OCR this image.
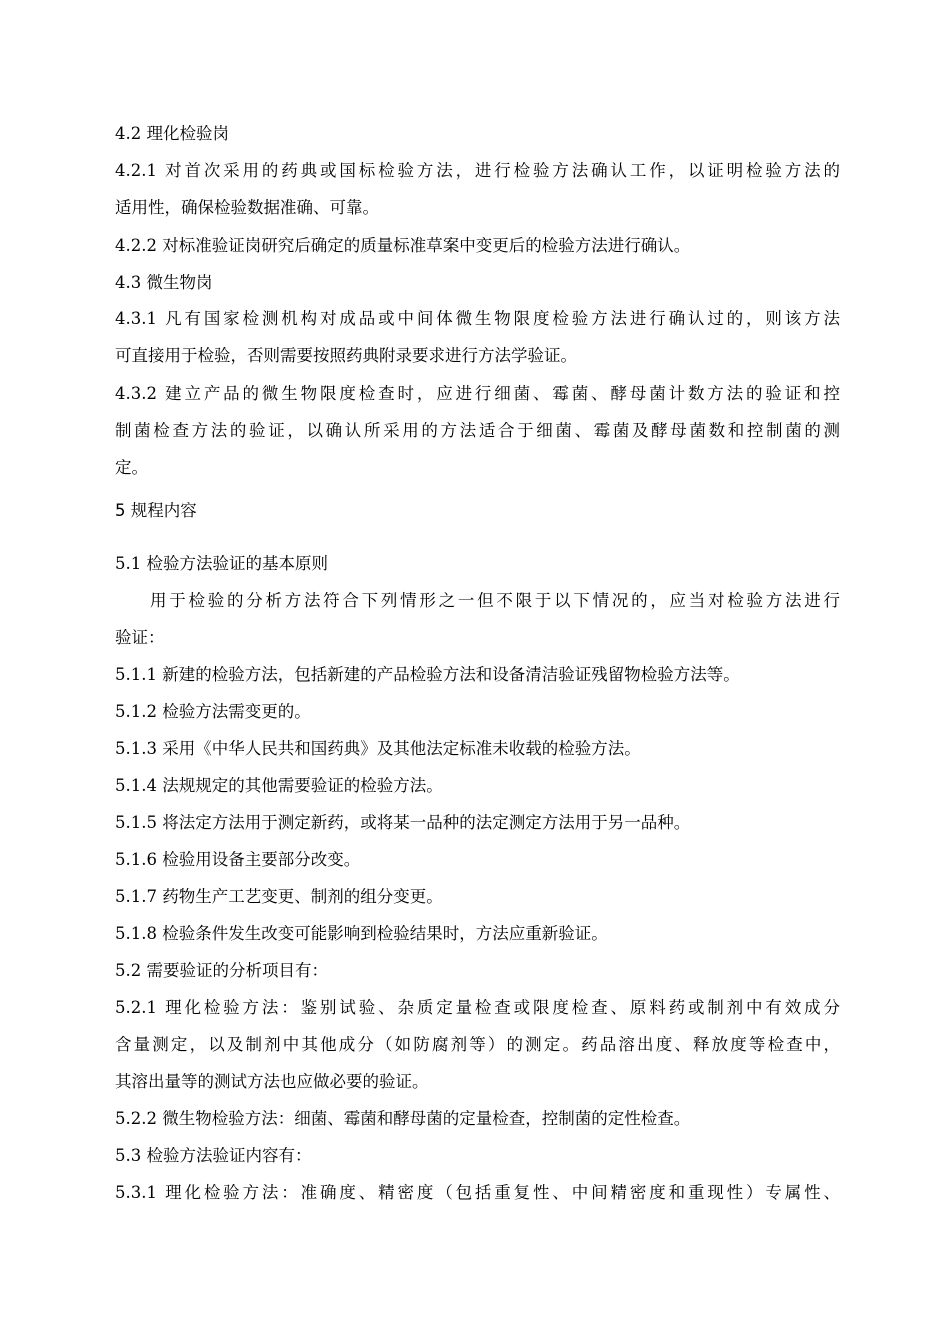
4.2 理化检验岗
4.2.1 对首次采用的药典或国标检验方法，进行检验方法确认工作，以证明检验方法的
适用性，确保检验数据准确、可靠。
4.2.2 对标准验证岗研究后确定的质量标准草案中变更后的检验方法进行确认。
4.3 微生物岗
4.3.1 凡有国家检测机构对成品或中间体微生物限度检验方法进行确认过的，则该方法
可直接用于检验，否则需要按照药典附录要求进行方法学验证。
4.3.2 建立产品的微生物限度检查时，应进行细菌、霉菌、酵母菌计数方法的验证和控
制菌检查方法的验证，以确认所采用的方法适合于细菌、霉菌及酵母菌数和控制菌的测
定。
5 规程内容
5.1 检验方法验证的基本原则
用于检验的分析方法符合下列情形之一但不限于以下情况的，应当对检验方法进行
验证：
5.1.1 新建的检验方法，包括新建的产品检验方法和设备清洁验证残留物检验方法等。
5.1.2 检验方法需变更的。
5.1.3 采用《中华人民共和国药典》及其他法定标准未收载的检验方法。
5.1.4 法规规定的其他需要验证的检验方法。
5.1.5 将法定方法用于测定新药，或将某一品种的法定测定方法用于另一品种。
5.1.6 检验用设备主要部分改变。
5.1.7 药物生产工艺变更、制剂的组分变更。
5.1.8 检验条件发生改变可能影响到检验结果时，方法应重新验证。
5.2 需要验证的分析项目有：
5.2.1 理化检验方法：鉴别试验、杂质定量检查或限度检查、原料药或制剂中有效成分
含量测定，以及制剂中其他成分（如防腐剂等）的测定。药品溶出度、释放度等检查中，
其溶出量等的测试方法也应做必要的验证。
5.2.2 微生物检验方法：细菌、霉菌和酵母菌的定量检查，控制菌的定性检查。
5.3 检验方法验证内容有：
5.3.1 理化检验方法：准确度、精密度（包括重复性、中间精密度和重现性）专属性、
